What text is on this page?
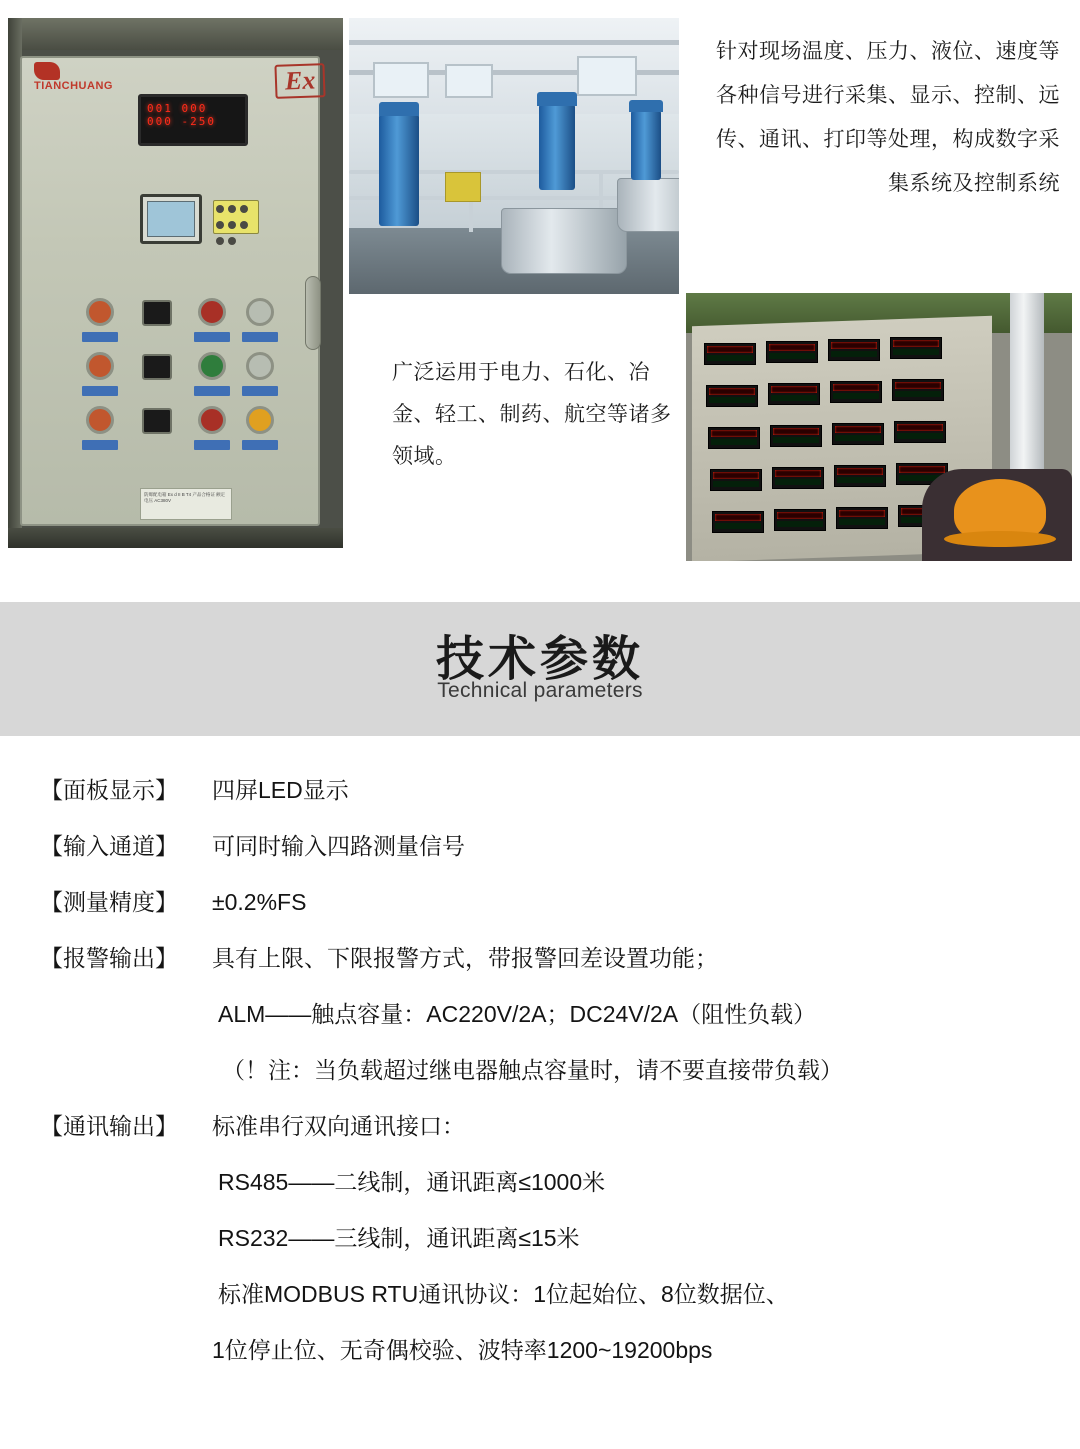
TIANCHUANG	Ex
001 000
000 -250
防爆配电箱 Ex d II B T4 产品合格证 额定电压 AC380V
针对现场温度、压力、液位、速度等各种信号进行采集、显示、控制、远传、通讯、打印等处理，构成数字采集系统及控制系统
广泛运用于电力、石化、冶金、轻工、制药、航空等诸多领域。
技术参数
Technical parameters
【面板显示】	四屏LED显示
【输入通道】	可同时输入四路测量信号
【测量精度】	±0.2%FS
【报警输出】	具有上限、下限报警方式，带报警回差设置功能；
ALM——触点容量：AC220V/2A；DC24V/2A（阻性负载）
（！注：当负载超过继电器触点容量时，请不要直接带负载）
【通讯输出】	标准串行双向通讯接口：
RS485——二线制，通讯距离≤1000米
RS232——三线制，通讯距离≤15米
标准MODBUS RTU通讯协议：1位起始位、8位数据位、
1位停止位、无奇偶校验、波特率1200~19200bps
